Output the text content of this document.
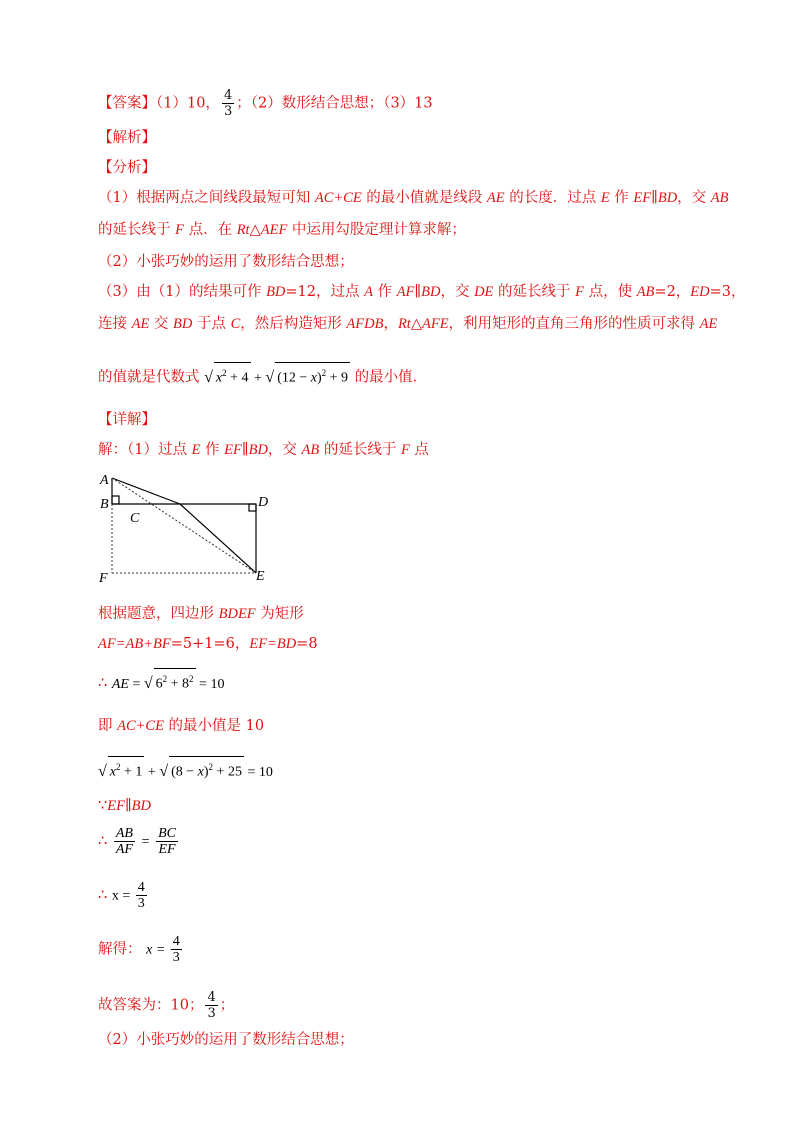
【答案】（1）10， $\frac{4}{3}$ ；（2）数形结合思想；（3）13
【解析】
【分析】
（1）根据两点之间线段最短可知 AC+CE 的最小值就是线段 AE 的长度．过点 E 作 EF∥BD，交 AB
的延长线于 F 点．在 Rt△AEF 中运用勾股定理计算求解；
（2）小张巧妙的运用了数形结合思想；
（3）由（1）的结果可作 BD=12，过点 A 作 AF∥BD，交 DE 的延长线于 F 点，使 AB=2，ED=3，
连接 AE 交 BD 于点 C，然后构造矩形 AFDB，Rt△AFE，利用矩形的直角三角形的性质可求得 AE
的值就是代数式 √ $x^2 + 4$ + √ $(12 - x)^2 + 9$ 的最小值．
【详解】
解：（1）过点 E 作 EF∥BD，交 AB 的延长线于 F 点
A
B
C
D
F	E
根据题意，四边形 BDEF 为矩形
AF=AB+BF=5+1=6，EF=BD=8
∴ AE = √ $6^2 + 8^2 = 10$
即 AC+CE 的最小值是 10
√ $x^2 + 1$ + √ $(8 - x)^2 + 25 = 10$
∵EF∥BD
∴ $\frac{AB}{AF} = \frac{BC}{EF}$
∴ $x = \frac{4}{3}$
解得： $x = \frac{4}{3}$
故答案为：10； $\frac{4}{3}$ ；
（2）小张巧妙的运用了数形结合思想；
